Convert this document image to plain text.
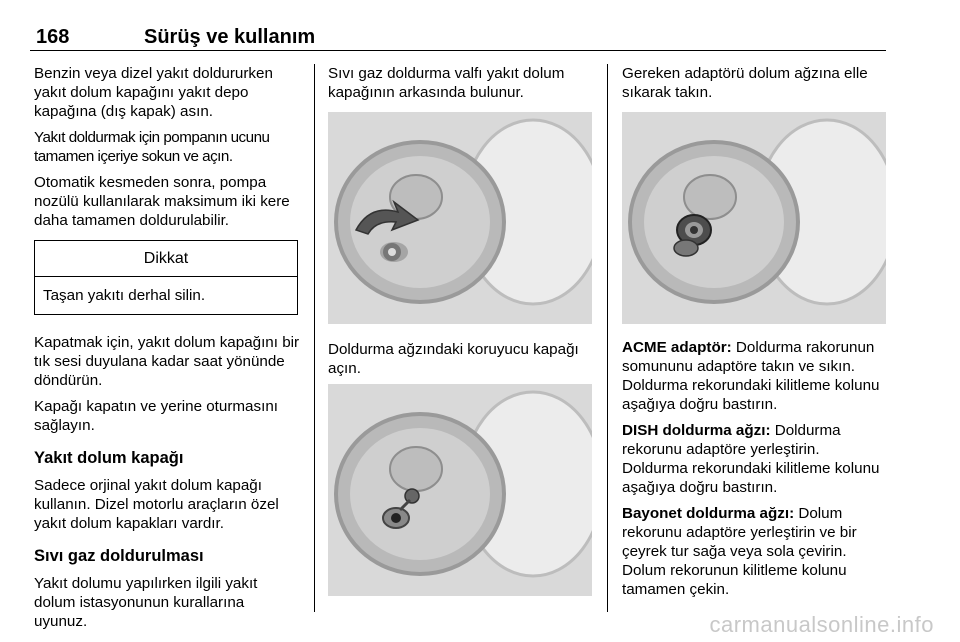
168	Sürüş ve kullanım

Benzin veya dizel yakıt doldururken yakıt dolum kapağını yakıt depo kapağına (dış kapak) asın.

Yakıt doldurmak için pompanın ucunu tamamen içeriye sokun ve açın.

Otomatik kesmeden sonra, pompa nozülü kullanılarak maksimum iki kere daha tamamen doldurulabilir.

Dikkat
Taşan yakıtı derhal silin.

Kapatmak için, yakıt dolum kapağını bir tık sesi duyulana kadar saat yönünde döndürün.

Kapağı kapatın ve yerine oturmasını sağlayın.

Yakıt dolum kapağı

Sadece orjinal yakıt dolum kapağı kullanın. Dizel motorlu araçların özel yakıt dolum kapakları vardır.

Sıvı gaz doldurulması

Yakıt dolumu yapılırken ilgili yakıt dolum istasyonunun kurallarına uyunuz.

Sıvı gaz doldurma valfı yakıt dolum kapağının arkasında bulunur.

Doldurma ağzındaki koruyucu kapağı açın.

Gereken adaptörü dolum ağzına elle sıkarak takın.

ACME adaptör: Doldurma rakorunun somununu adaptöre takın ve sıkın. Doldurma rekorundaki kilitleme kolunu aşağıya doğru bastırın.

DISH doldurma ağzı: Doldurma rekorunu adaptöre yerleştirin. Doldurma rekorundaki kilitleme kolunu aşağıya doğru bastırın.

Bayonet doldurma ağzı: Dolum rekorunu adaptöre yerleştirin ve bir çeyrek tur sağa veya sola çevirin. Dolum rekorunun kilitleme kolunu tamamen çekin.

carmanualsonline.info
